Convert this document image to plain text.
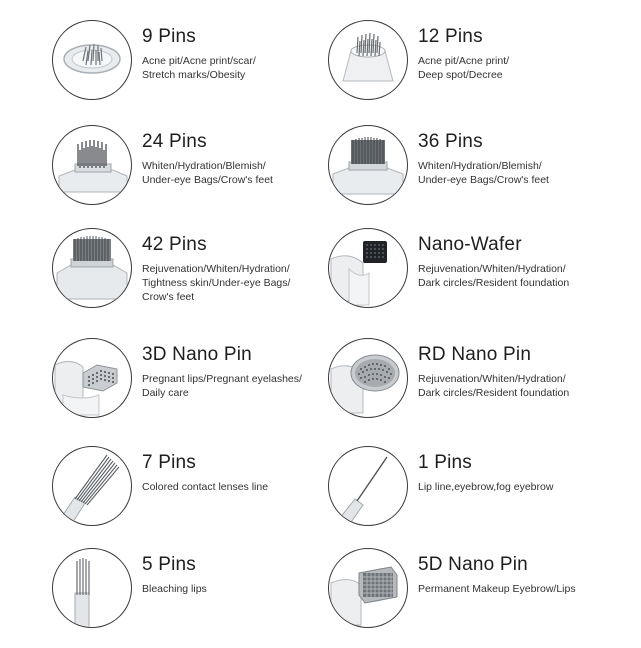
9 Pins
Acne pit/Acne print/scar/
Stretch marks/Obesity
12 Pins
Acne pit/Acne print/
Deep spot/Decree
24 Pins
Whiten/Hydration/Blemish/
Under-eye Bags/Crow's feet
36 Pins
Whiten/Hydration/Blemish/
Under-eye Bags/Crow's feet
42 Pins
Rejuvenation/Whiten/Hydration/
Tightness skin/Under-eye Bags/
Crow's feet
Nano-Wafer
Rejuvenation/Whiten/Hydration/
Dark circles/Resident foundation
3D Nano Pin
Pregnant lips/Pregnant eyelashes/
Daily care
RD Nano Pin
Rejuvenation/Whiten/Hydration/
Dark circles/Resident foundation
7 Pins
Colored contact lenses line
1 Pins
Lip line,eyebrow,fog eyebrow
5 Pins
Bleaching lips
5D Nano Pin
Permanent Makeup Eyebrow/Lips
